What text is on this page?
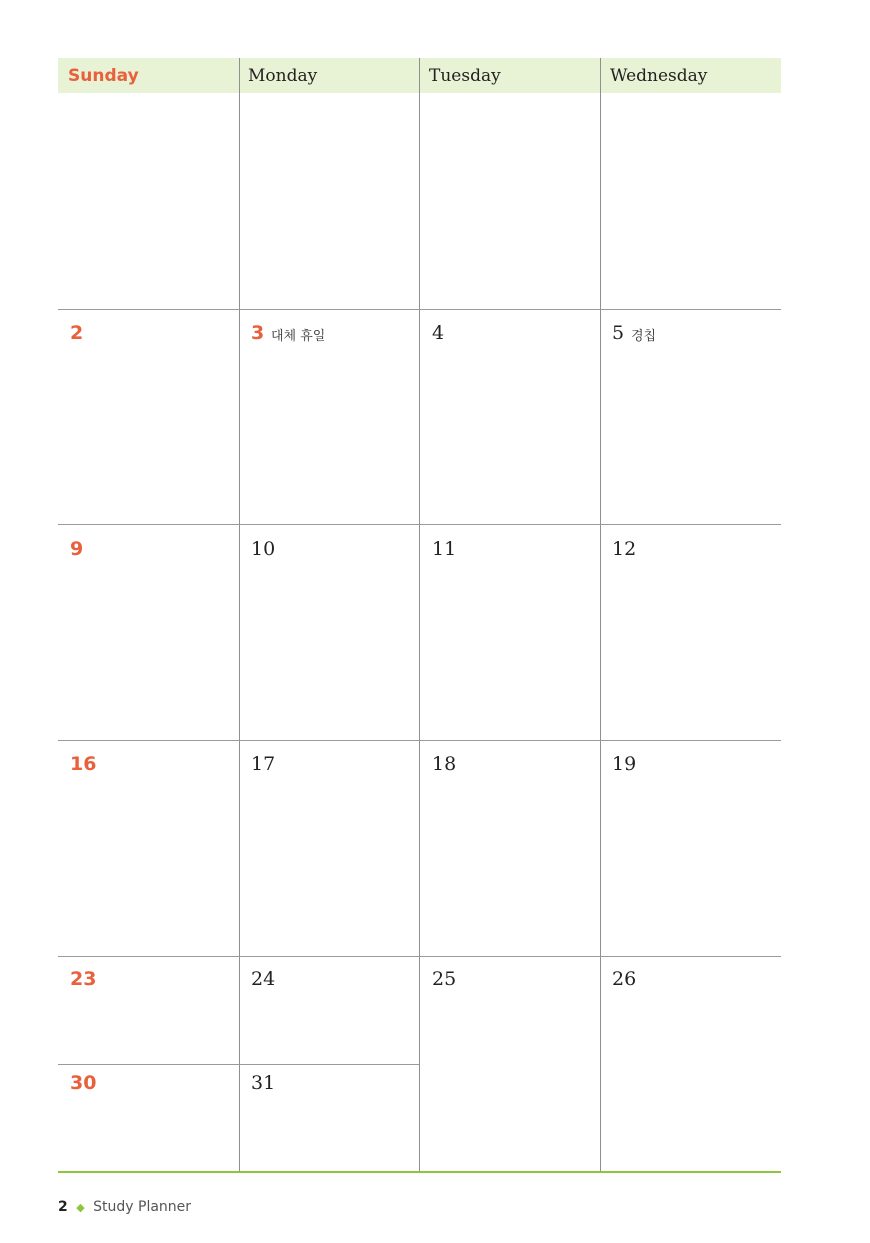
Sunday	Monday	Tuesday	Wednesday
2	3 대체 휴일	4	5 경칩
9	10	11	12
16	17	18	19
23	24	25	26
30	31
2 ◆ Study Planner
